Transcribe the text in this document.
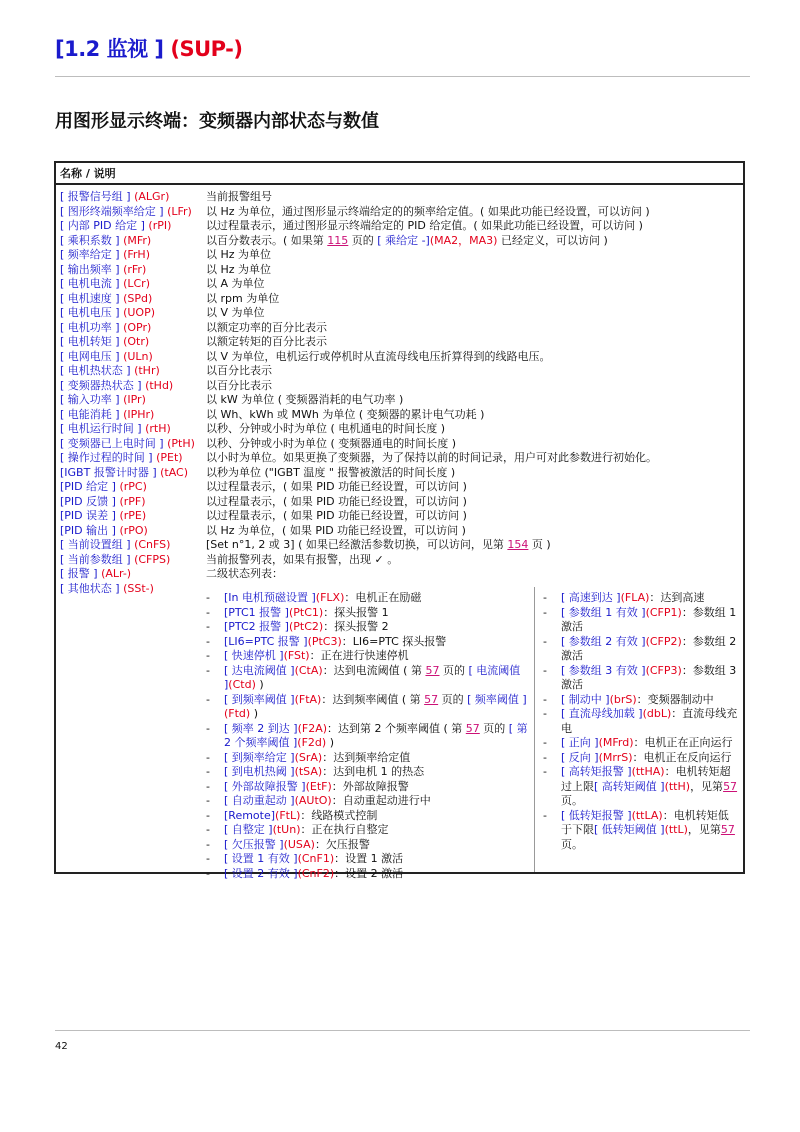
[1.2 监视 ] (SUP-)
用图形显示终端：变频器内部状态与数值
名称 / 说明
[ 报警信号组 ] (ALGr)	当前报警组号
[ 图形终端频率给定 ] (LFr) 以 Hz 为单位，通过图形显示终端给定的的频率给定值。( 如果此功能已经设置，可以访问 )
[ 内部 PID 给定 ] (rPI)	以过程量表示，通过图形显示终端给定的 PID 给定值。( 如果此功能已经设置，可以访问 )
[ 乘积系数 ] (MFr)	以百分数表示。( 如果第 115 页的 [ 乘给定 -](MA2，MA3) 已经定义，可以访问 )
[ 频率给定 ] (FrH)	以 Hz 为单位
[ 输出频率 ] (rFr)	以 Hz 为单位
[ 电机电流 ] (LCr)	以 A 为单位
[ 电机速度 ] (SPd)	以 rpm 为单位
[ 电机电压 ] (UOP)	以 V 为单位
[ 电机功率 ] (OPr)	以额定功率的百分比表示
[ 电机转矩 ] (Otr)	以额定转矩的百分比表示
[ 电网电压 ] (ULn)	以 V 为单位，电机运行或停机时从直流母线电压折算得到的线路电压。
[ 电机热状态 ] (tHr)	以百分比表示
[ 变频器热状态 ] (tHd)	以百分比表示
[ 输入功率 ] (IPr)	以 kW 为单位 ( 变频器消耗的电气功率 )
[ 电能消耗 ] (IPHr)	以 Wh、kWh 或 MWh 为单位 ( 变频器的累计电气功耗 )
[ 电机运行时间 ] (rtH)	以秒、分钟或小时为单位 ( 电机通电的时间长度 )
[ 变频器已上电时间 ] (PtH) 以秒、分钟或小时为单位 ( 变频器通电的时间长度 )
[ 操作过程的时间 ] (PEt) 以小时为单位。如果更换了变频器，为了保持以前的时间记录，用户可对此参数进行初始化。
[IGBT 报警计时器 ] (tAC) 以秒为单位 ("IGBT 温度 " 报警被激活的时间长度 )
[PID 给定 ] (rPC)	以过程量表示，( 如果 PID 功能已经设置，可以访问 )
[PID 反馈 ] (rPF)	以过程量表示，( 如果 PID 功能已经设置，可以访问 )
[PID 误差 ] (rPE)	以过程量表示，( 如果 PID 功能已经设置，可以访问 )
[PID 输出 ] (rPO)	以 Hz 为单位，( 如果 PID 功能已经设置，可以访问 )
[ 当前设置组 ] (CnFS)	[Set n°1, 2 或 3] ( 如果已经激活参数切换，可以访问，见第 154 页 )
[ 当前参数组 ] (CFPS)	当前报警列表，如果有报警，出现 ✓ 。
[ 报警 ] (ALr-)	二级状态列表：
[ 其他状态 ] (SSt-)
- [In 电机预磁设置 ](FLX)：电机正在励磁
- [PTC1 报警 ](PtC1)：探头报警 1
- [PTC2 报警 ](PtC2)：探头报警 2
- [LI6=PTC 报警 ](PtC3)：LI6=PTC 探头报警
- [ 快速停机 ](FSt)：正在进行快速停机
- [ 达电流阈值 ](CtA)：达到电流阈值 ( 第 57 页的 [ 电流阈值 ](Ctd) )
- [ 到频率阈值 ](FtA)：达到频率阈值 ( 第 57 页的 [ 频率阈值 ](Ftd) )
- [ 频率 2 到达 ](F2A)：达到第 2 个频率阈值 ( 第 57 页的 [ 第 2 个频率阈值 ](F2d) )
- [ 到频率给定 ](SrA)：达到频率给定值
- [ 到电机热阈 ](tSA)：达到电机 1 的热态
- [ 外部故障报警 ](EtF)：外部故障报警
- [ 自动重起动 ](AUtO)：自动重起动进行中
- [Remote](FtL)：线路模式控制
- [ 自整定 ](tUn)：正在执行自整定
- [ 欠压报警 ](USA)：欠压报警
- [ 设置 1 有效 ](CnF1)：设置 1 激活
- [ 设置 2 有效 ](CnF2)：设置 2 激活
- [ 高速到达 ](FLA)：达到高速
- [ 参数组 1 有效 ](CFP1)：参数组 1 激活
- [ 参数组 2 有效 ](CFP2)：参数组 2 激活
- [ 参数组 3 有效 ](CFP3)：参数组 3 激活
- [ 制动中 ](brS)：变频器制动中
- [ 直流母线加载 ](dbL)：直流母线充电
- [ 正向 ](MFrd)：电机正在正向运行
- [ 反向 ](MrrS)：电机正在反向运行
- [ 高转矩报警 ](ttHA)：电机转矩超过上限[ 高转矩阈值 ](ttH)，见第57 页。
- [ 低转矩报警 ](ttLA)：电机转矩低于下限[ 低转矩阈值 ](ttL)，见第57 页。
42
